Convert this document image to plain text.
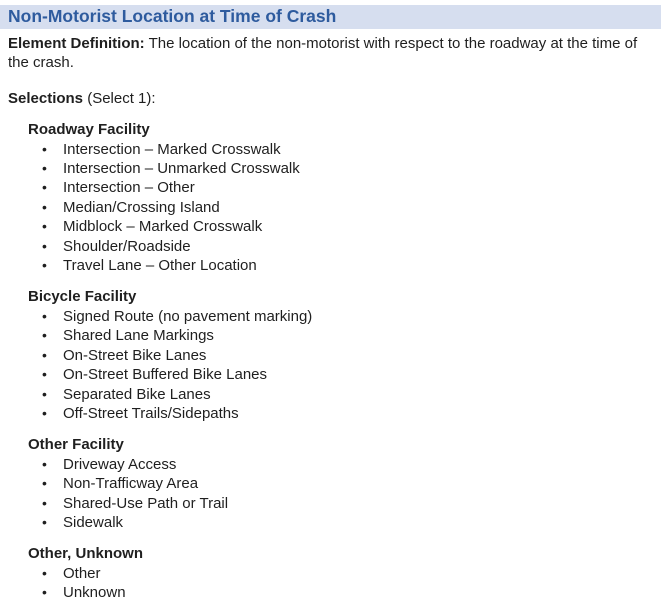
Non-Motorist Location at Time of Crash

Element Definition: The location of the non-motorist with respect to the roadway at the time of the crash.

Selections (Select 1):

Roadway Facility
• Intersection – Marked Crosswalk
• Intersection – Unmarked Crosswalk
• Intersection – Other
• Median/Crossing Island
• Midblock – Marked Crosswalk
• Shoulder/Roadside
• Travel Lane – Other Location
Bicycle Facility
• Signed Route (no pavement marking)
• Shared Lane Markings
• On-Street Bike Lanes
• On-Street Buffered Bike Lanes
• Separated Bike Lanes
• Off-Street Trails/Sidepaths
Other Facility
• Driveway Access
• Non-Trafficway Area
• Shared-Use Path or Trail
• Sidewalk
Other, Unknown
• Other
• Unknown
